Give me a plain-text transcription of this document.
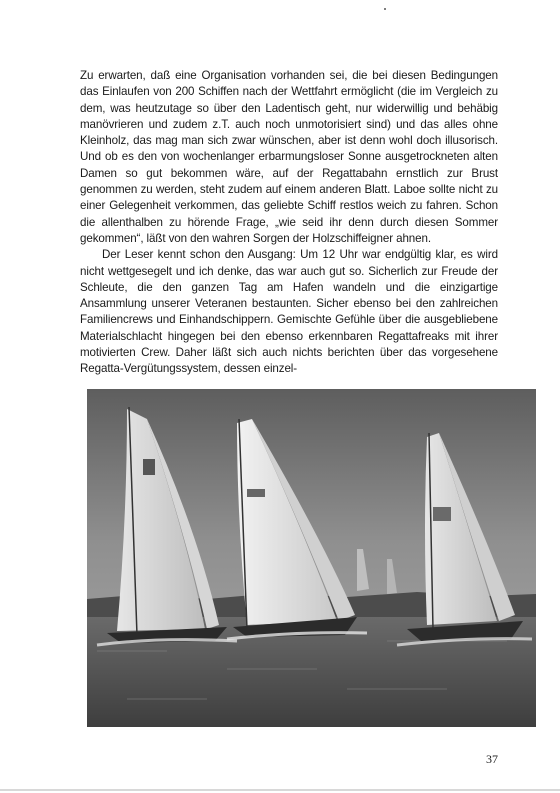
Zu erwarten, daß eine Organisation vorhanden sei, die bei diesen Bedingungen das Einlaufen von 200 Schiffen nach der Wettfahrt ermöglicht (die im Vergleich zu dem, was heutzutage so über den Ladentisch geht, nur widerwillig und behäbig manövrieren und zudem z.T. auch noch unmotorisiert sind) und das alles ohne Kleinholz, das mag man sich zwar wünschen, aber ist denn wohl doch illusorisch. Und ob es den von wochenlanger erbarmungsloser Sonne ausgetrockneten alten Damen so gut bekommen wäre, auf der Regattabahn ernstlich zur Brust genommen zu werden, steht zudem auf einem anderen Blatt. Laboe sollte nicht zu einer Gelegenheit verkommen, das geliebte Schiff restlos weich zu fahren. Schon die allenthalben zu hörende Frage, „wie seid ihr denn durch diesen Sommer gekommen“, läßt von den wahren Sorgen der Holzschiffeigner ahnen.

Der Leser kennt schon den Ausgang: Um 12 Uhr war endgültig klar, es wird nicht wettgesegelt und ich denke, das war auch gut so. Sicherlich zur Freude der Schleute, die den ganzen Tag am Hafen wandeln und die einzigartige Ansammlung unserer Veteranen bestaunten. Sicher ebenso bei den zahlreichen Familiencrews und Einhandschippern. Gemischte Gefühle über die ausgebliebene Materialschlacht hingegen bei den ebenso erkennbaren Regattafreaks mit ihrer motivierten Crew. Daher läßt sich auch nichts berichten über das vorgesehene Regatta-Vergütungssystem, dessen einzel-

37
